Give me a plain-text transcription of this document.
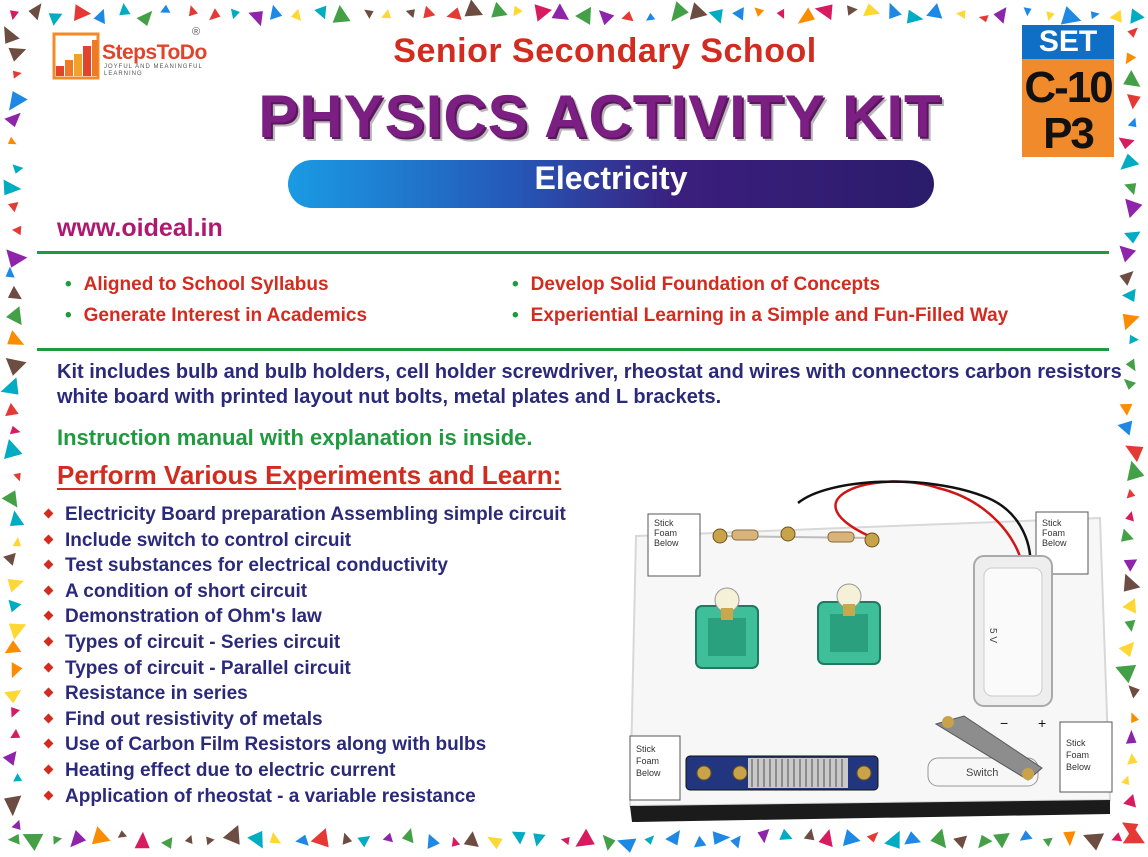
StepsToDo
®
JOYFUL AND MEANINGFUL LEARNING
Senior Secondary School
PHYSICS ACTIVITY KIT
SET
C-10
P3
Electricity
www.oideal.in
• Aligned to School Syllabus
• Generate Interest in Academics
• Develop Solid Foundation of Concepts
• Experiential Learning in a Simple and Fun-Filled Way
Kit includes bulb and bulb holders, cell holder screwdriver, rheostat and wires with connectors carbon resistors white board with printed layout nut bolts, metal plates and L brackets.
Instruction manual with explanation is inside.
Perform Various Experiments and Learn:
Electricity Board preparation Assembling simple circuit
Include switch to control circuit
Test substances for electrical conductivity
A condition of short circuit
Demonstration of Ohm's law
Types of circuit - Series circuit
Types of circuit - Parallel circuit
Resistance in series
Find out resistivity of metals
Use of Carbon Film Resistors along with bulbs
Heating effect due to electric current
Application of rheostat - a variable resistance
Stick
Foam
Below
Stick
Foam
Below
Stick
Foam
Below
Stick
Foam
Below
5 V
− +
Switch
